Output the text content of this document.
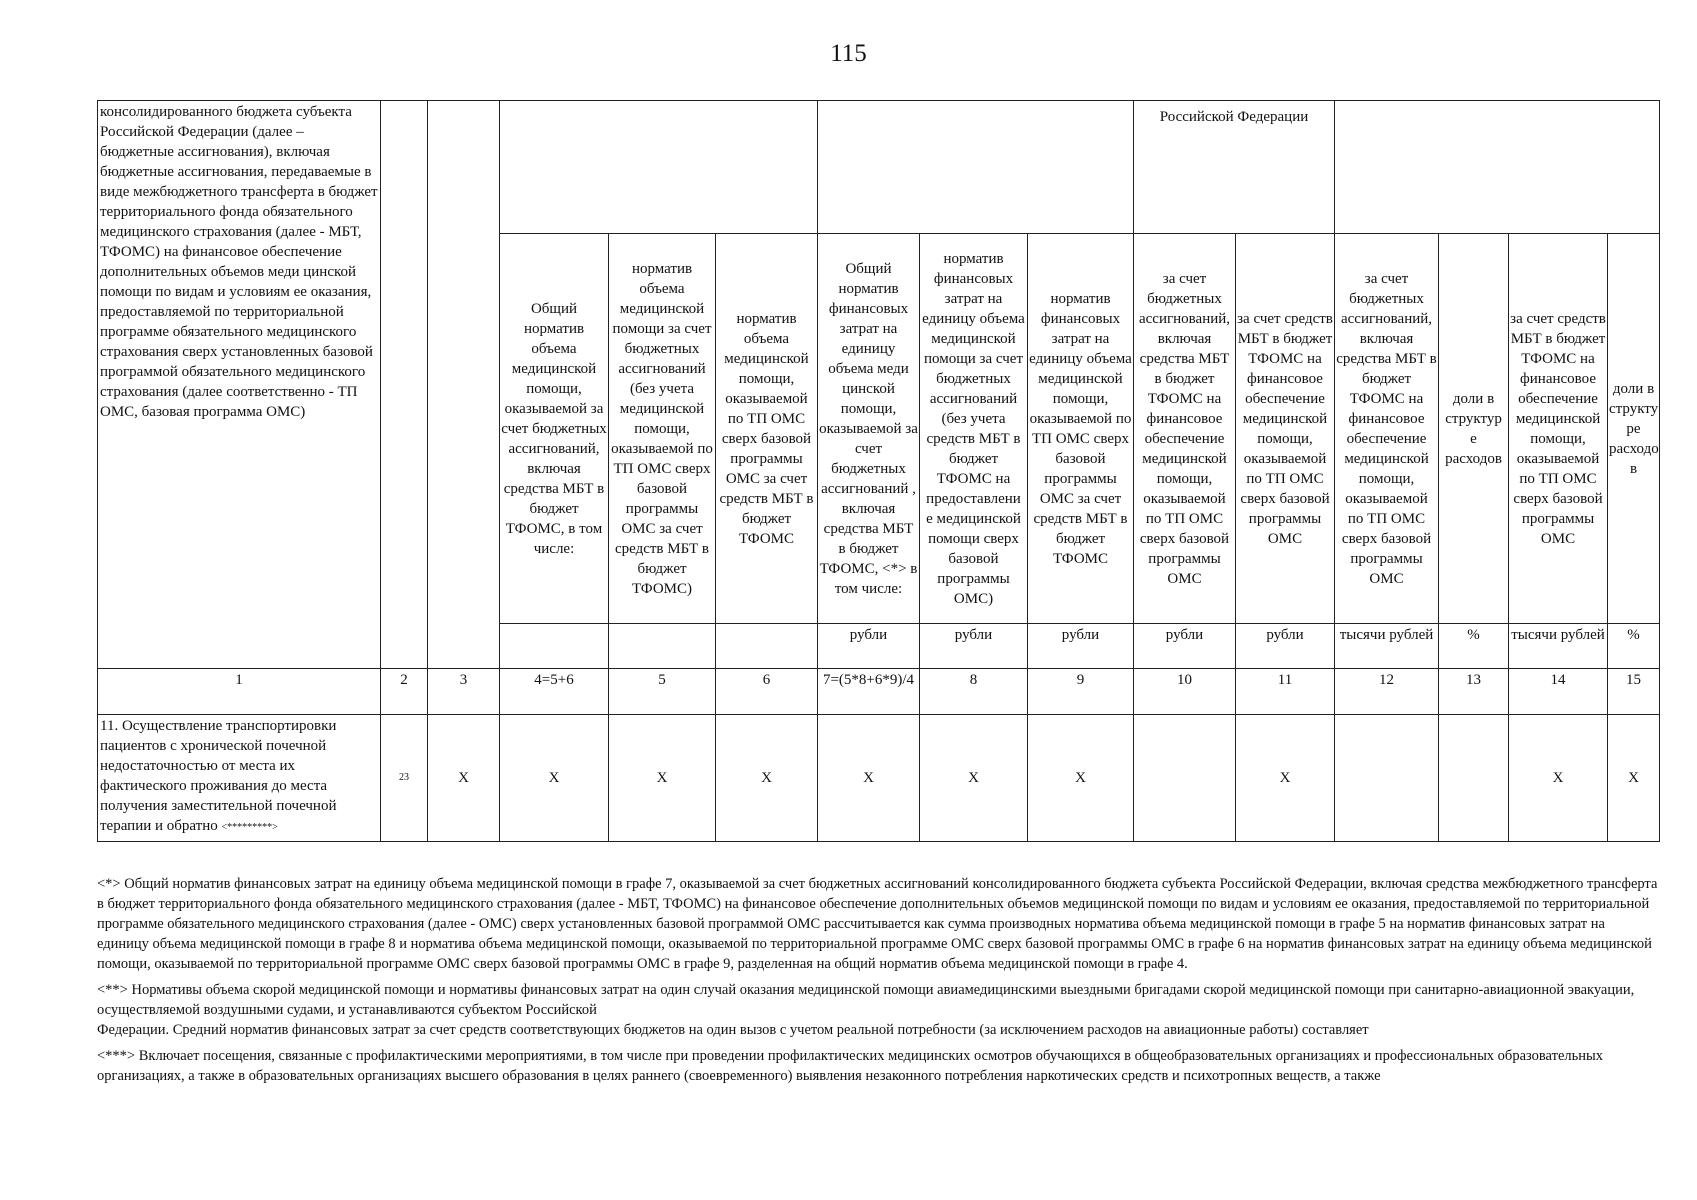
115
консолидированного бюджета субъекта Российской Федерации (далее – бюджетные ассигнования), включая бюджетные ассигнования, передаваемые в виде межбюджетного трансферта в бюджет территориального фонда обязательного медицинского страхования (далее - МБТ, ТФОМС) на финансовое обеспечение дополнительных объемов меди цинской помощи по видам и условиям ее оказания, предоставляемой по территориальной программе обязательного медицинского страхования сверх установленных базовой программой обязательного медицинского страхования (далее соответственно - ТП ОМС, базовая программа ОМС)									Российской Федерации					
			Общий норматив объема медицинской помощи, оказываемой за счет бюджетных ассигнований, включая средства МБТ в бюджет ТФОМС, в том числе:	норматив объема медицинской помощи за счет бюджетных ассигнований (без учета медицинской помощи, оказываемой по ТП ОМС сверх базовой программы ОМС за счет средств МБТ в бюджет ТФОМС)	норматив объема медицинской помощи, оказываемой по ТП ОМС сверх базовой программы ОМС за счет средств МБТ в бюджет ТФОМС	Общий норматив финансовых затрат на единицу объема меди цинской помощи, оказываемой за счет бюджетных ассигнований , включая средства МБТ в бюджет ТФОМС, <*> в том числе:	норматив финансовых затрат на единицу объема медицинской помощи за счет бюджетных ассигнований (без учета средств МБТ в бюджет ТФОМС на предоставлени е медицинской помощи сверх базовой программы ОМС)	норматив финансовых затрат на единицу объема медицинской помощи, оказываемой по ТП ОМС сверх базовой программы ОМС за счет средств МБТ в бюджет ТФОМС	за счет бюджетных ассигнований, включая средства МБТ в бюджет ТФОМС на финансовое обеспечение медицинской помощи, оказываемой по ТП ОМС сверх базовой программы ОМС	за счет средств МБТ в бюджет ТФОМС на финансовое обеспечение медицинской помощи, оказываемой по ТП ОМС сверх базовой программы ОМС	за счет бюджетных ассигнований, включая средства МБТ в бюджет ТФОМС на финансовое обеспечение медицинской помощи, оказываемой по ТП ОМС сверх базовой программы ОМС	доли в структур е расходов	за счет средств МБТ в бюджет ТФОМС на финансовое обеспечение медицинской помощи, оказываемой по ТП ОМС сверх базовой программы ОМС	доли в структу ре расходо в
						рубли	рубли	рубли	рубли	рубли	тысячи рублей	%	тысячи рублей	%
1	2	3	4=5+6	5	6	7=(5*8+6*9)/4	8	9	10	11	12	13	14	15
11. Осуществление транспортировки пациентов с хронической почечной недостаточностью от места их фактического проживания до места получения заместительной почечной терапии и обратно <*********>	23	X	X	X	X	X	X	X		X			X	X

<*> Общий норматив финансовых затрат на единицу объема медицинской помощи в графе 7, оказываемой за счет бюджетных ассигнований консолидированного бюджета субъекта Российской Федерации, включая средства межбюджетного трансферта в бюджет территориального фонда обязательного медицинского страхования (далее - МБТ, ТФОМС) на финансовое обеспечение дополнительных объемов медицинской помощи по видам и условиям ее оказания, предоставляемой по территориальной программе обязательного медицинского страхования (далее - ОМС) сверх установленных базовой программой ОМС рассчитывается как сумма производных норматива объема медицинской помощи в графе 5 на норматив финансовых затрат на единицу объема медицинской помощи в графе 8 и норматива объема медицинской помощи, оказываемой по территориальной программе ОМС сверх базовой программы ОМС в графе 6 на норматив финансовых затрат на единицу объема медицинской помощи, оказываемой по территориальной программе ОМС сверх базовой программы ОМС в графе 9, разделенная на общий норматив объема медицинской помощи в графе 4.

<**> Нормативы объема скорой медицинской помощи и нормативы финансовых затрат на один случай оказания медицинской помощи авиамедицинскими выездными бригадами скорой медицинской помощи при санитарно-авиационной эвакуации, осуществляемой воздушными судами, и устанавливаются субъектом Российской

Федерации. Средний норматив финансовых затрат за счет средств соответствующих бюджетов на один вызов с учетом реальной потребности (за исключением расходов на авиационные работы) составляет

<***> Включает посещения, связанные с профилактическими мероприятиями, в том числе при проведении профилактических медицинских осмотров обучающихся в общеобразовательных организациях и профессиональных образовательных организациях, а также в образовательных организациях высшего образования в целях раннего (своевременного) выявления незаконного потребления наркотических средств и психотропных веществ, а также
